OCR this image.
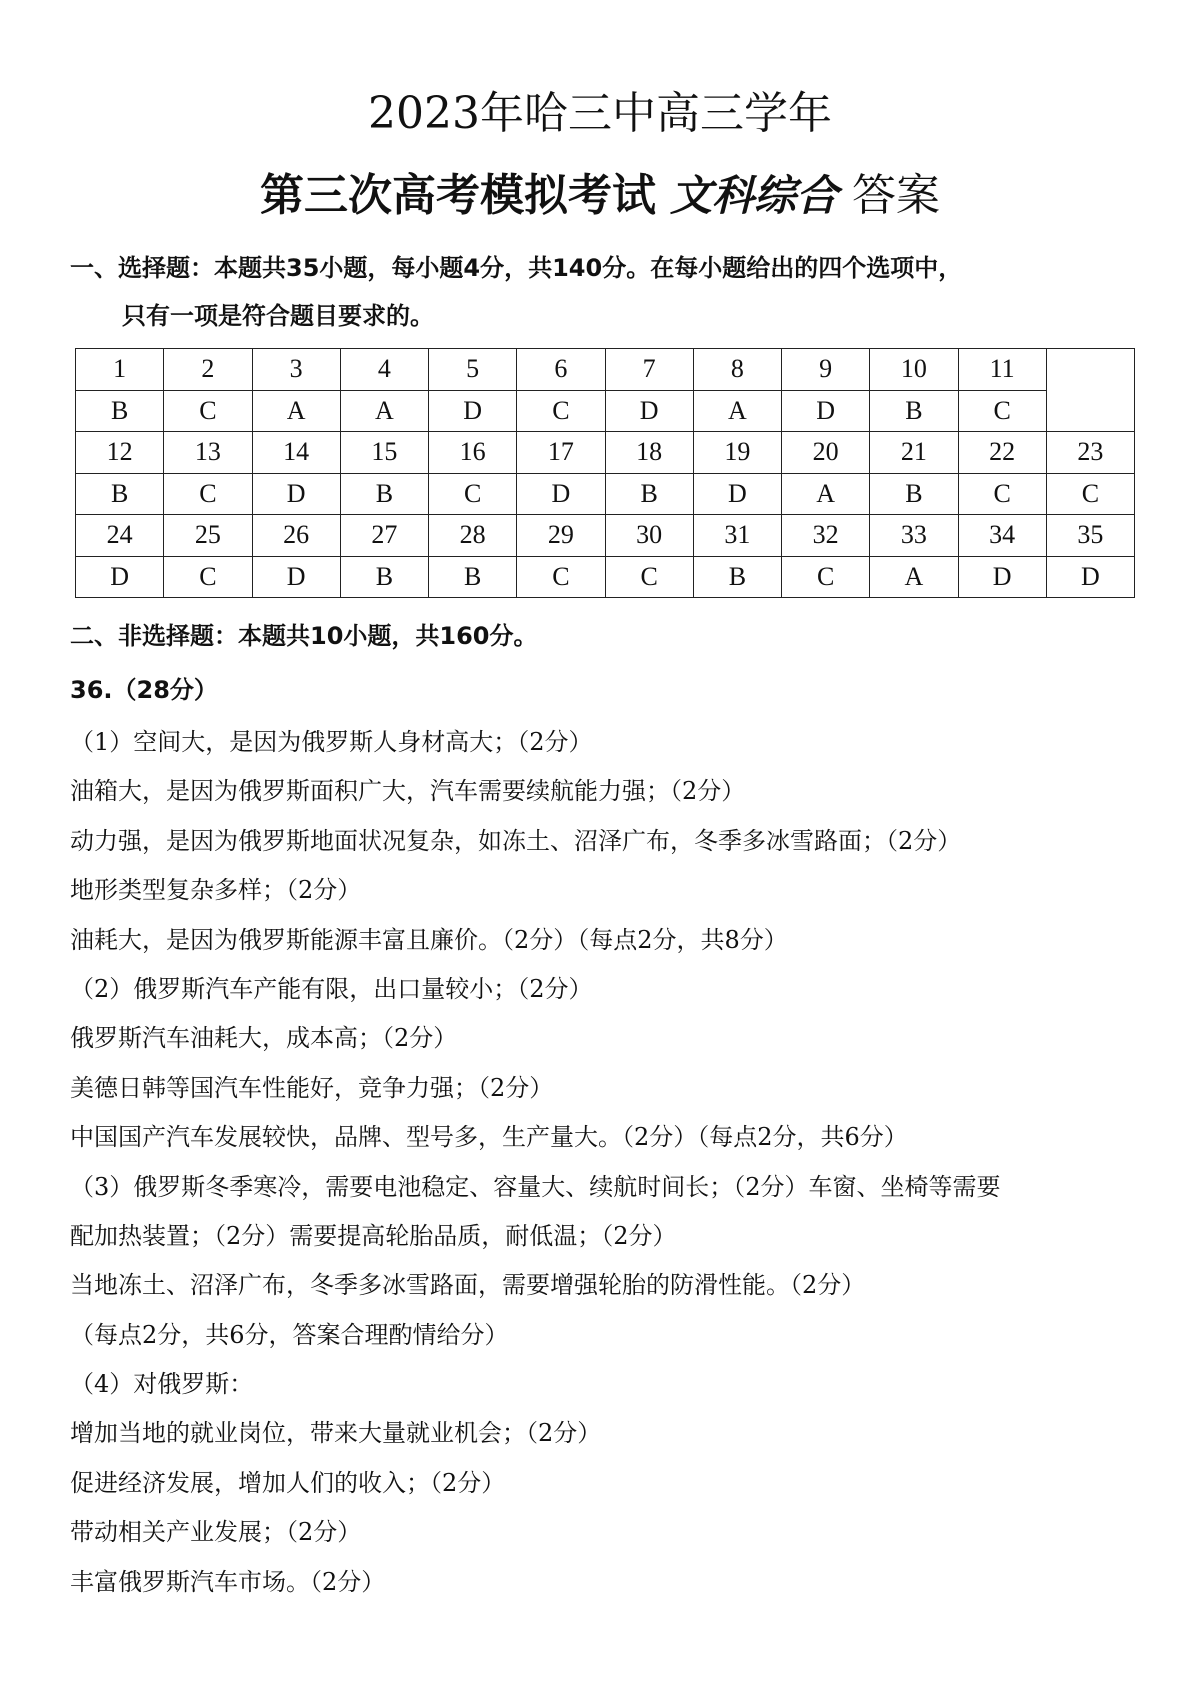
2023年哈三中高三学年
第三次高考模拟考试 文科综合 答案
一、选择题：本题共35小题，每小题4分，共140分。在每小题给出的四个选项中，
只有一项是符合题目要求的。
1	2	3	4	5	6	7	8	9	10	11	
B	C	A	A	D	C	D	A	D	B	C	
12	13	14	15	16	17	18	19	20	21	22	23
B	C	D	B	C	D	B	D	A	B	C	C
24	25	26	27	28	29	30	31	32	33	34	35
D	C	D	B	B	C	C	B	C	A	D	D
二、非选择题：本题共10小题，共160分。
36.（28分）
（1）空间大，是因为俄罗斯人身材高大；（2分）
油箱大，是因为俄罗斯面积广大，汽车需要续航能力强；（2分）
动力强，是因为俄罗斯地面状况复杂，如冻土、沼泽广布，冬季多冰雪路面；（2分）
地形类型复杂多样；（2分）
油耗大，是因为俄罗斯能源丰富且廉价。（2分）（每点2分，共8分）
（2）俄罗斯汽车产能有限，出口量较小；（2分）
俄罗斯汽车油耗大，成本高；（2分）
美德日韩等国汽车性能好，竞争力强；（2分）
中国国产汽车发展较快，品牌、型号多，生产量大。（2分）（每点2分，共6分）
（3）俄罗斯冬季寒冷，需要电池稳定、容量大、续航时间长；（2分）车窗、坐椅等需要
配加热装置；（2分）需要提高轮胎品质，耐低温；（2分）
当地冻土、沼泽广布，冬季多冰雪路面，需要增强轮胎的防滑性能。（2分）
（每点2分，共6分，答案合理酌情给分）
（4）对俄罗斯：
增加当地的就业岗位，带来大量就业机会；（2分）
促进经济发展，增加人们的收入；（2分）
带动相关产业发展；（2分）
丰富俄罗斯汽车市场。（2分）
